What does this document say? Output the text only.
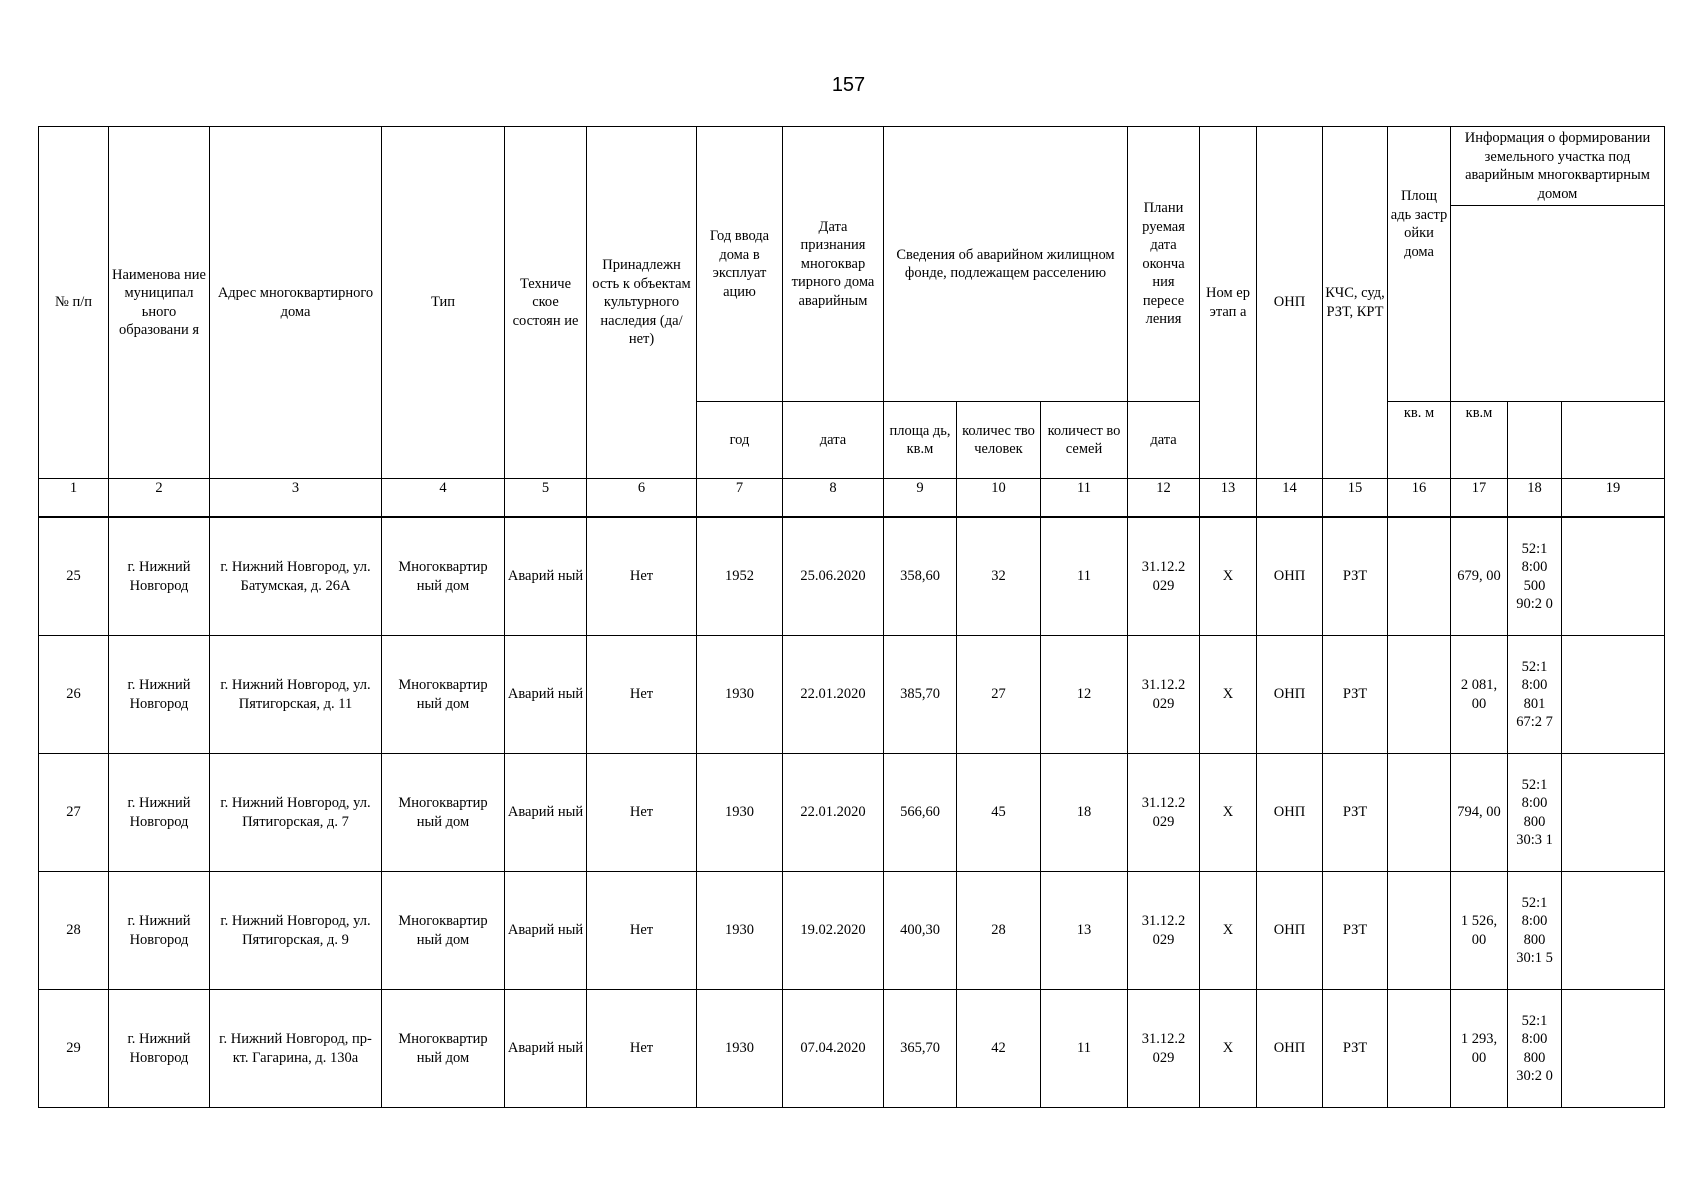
157
№ п/п	Наименова ние муниципал ьного образовани я	Адрес многоквартирного дома	Тип	Техниче ское состоян ие	Принадлежн ость к объектам культурного наследия (да/нет)	Год ввода дома в эксплуат ацию	Дата признания многоквар тирного дома аварийным	Сведения об аварийном жилищном фонде, подлежащем расселению			Плани руемая дата оконча ния пересе ления	Ном ер этап а	ОНП	КЧС, суд, РЗТ, КРТ	Площ адь застр ойки дома	Информация о формировании земельного участка под аварийным многоквартирным домом		

						год	дата	площа дь, кв.м	количес тво человек	количест во семей	дата				кв. м	кв.м		
1	2	3	4	5	6	7	8	9	10	11	12	13	14	15	16	17	18	19

25	г. Нижний Новгород	г. Нижний Новгород, ул. Батумская, д. 26А	Многоквартир ный дом	Аварий ный	Нет	1952	25.06.2020	358,60	32	11	31.12.2 029	Х	ОНП	РЗТ		679, 00	52:1 8:00 500 90:2 0	
26	г. Нижний Новгород	г. Нижний Новгород, ул. Пятигорская, д. 11	Многоквартир ный дом	Аварий ный	Нет	1930	22.01.2020	385,70	27	12	31.12.2 029	Х	ОНП	РЗТ		2 081, 00	52:1 8:00 801 67:2 7	
27	г. Нижний Новгород	г. Нижний Новгород, ул. Пятигорская, д. 7	Многоквартир ный дом	Аварий ный	Нет	1930	22.01.2020	566,60	45	18	31.12.2 029	Х	ОНП	РЗТ		794, 00	52:1 8:00 800 30:3 1	
28	г. Нижний Новгород	г. Нижний Новгород, ул. Пятигорская, д. 9	Многоквартир ный дом	Аварий ный	Нет	1930	19.02.2020	400,30	28	13	31.12.2 029	Х	ОНП	РЗТ		1 526, 00	52:1 8:00 800 30:1 5	
29	г. Нижний Новгород	г. Нижний Новгород, пр-кт. Гагарина, д. 130а	Многоквартир ный дом	Аварий ный	Нет	1930	07.04.2020	365,70	42	11	31.12.2 029	Х	ОНП	РЗТ		1 293, 00	52:1 8:00 800 30:2 0	
